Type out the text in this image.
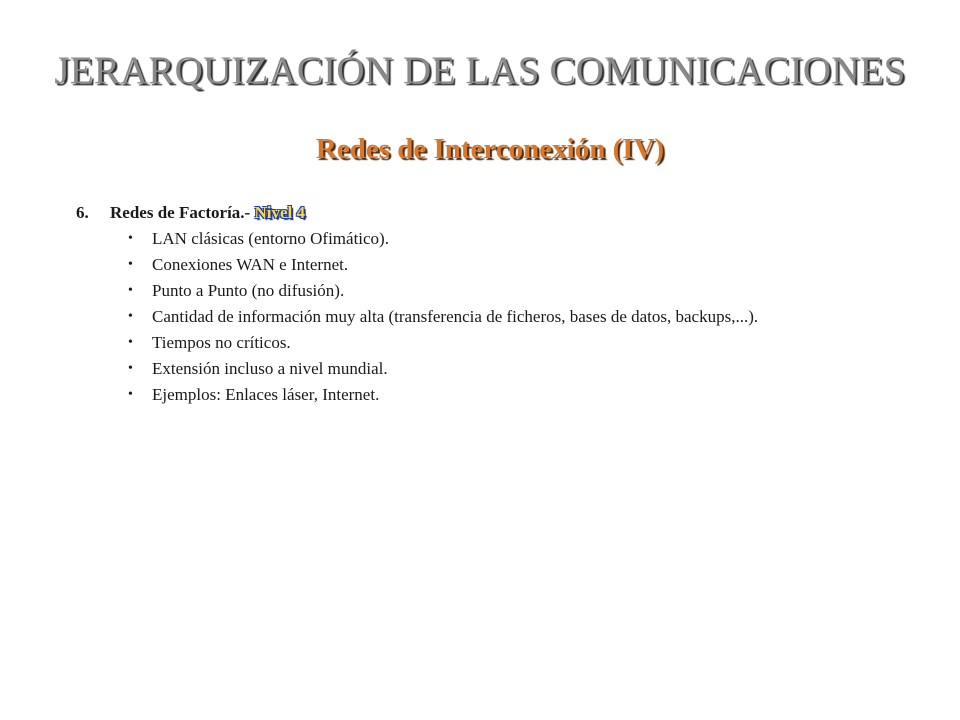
JERARQUIZACIÓN DE LAS COMUNICACIONES
Redes de Interconexión (IV)
6. Redes de Factoría.- Nivel 4
• LAN clásicas (entorno Ofimático).
• Conexiones WAN e Internet.
• Punto a Punto (no difusión).
• Cantidad de información muy alta (transferencia de ficheros, bases de datos, backups,...).
• Tiempos no críticos.
• Extensión incluso a nivel mundial.
• Ejemplos: Enlaces láser, Internet.
